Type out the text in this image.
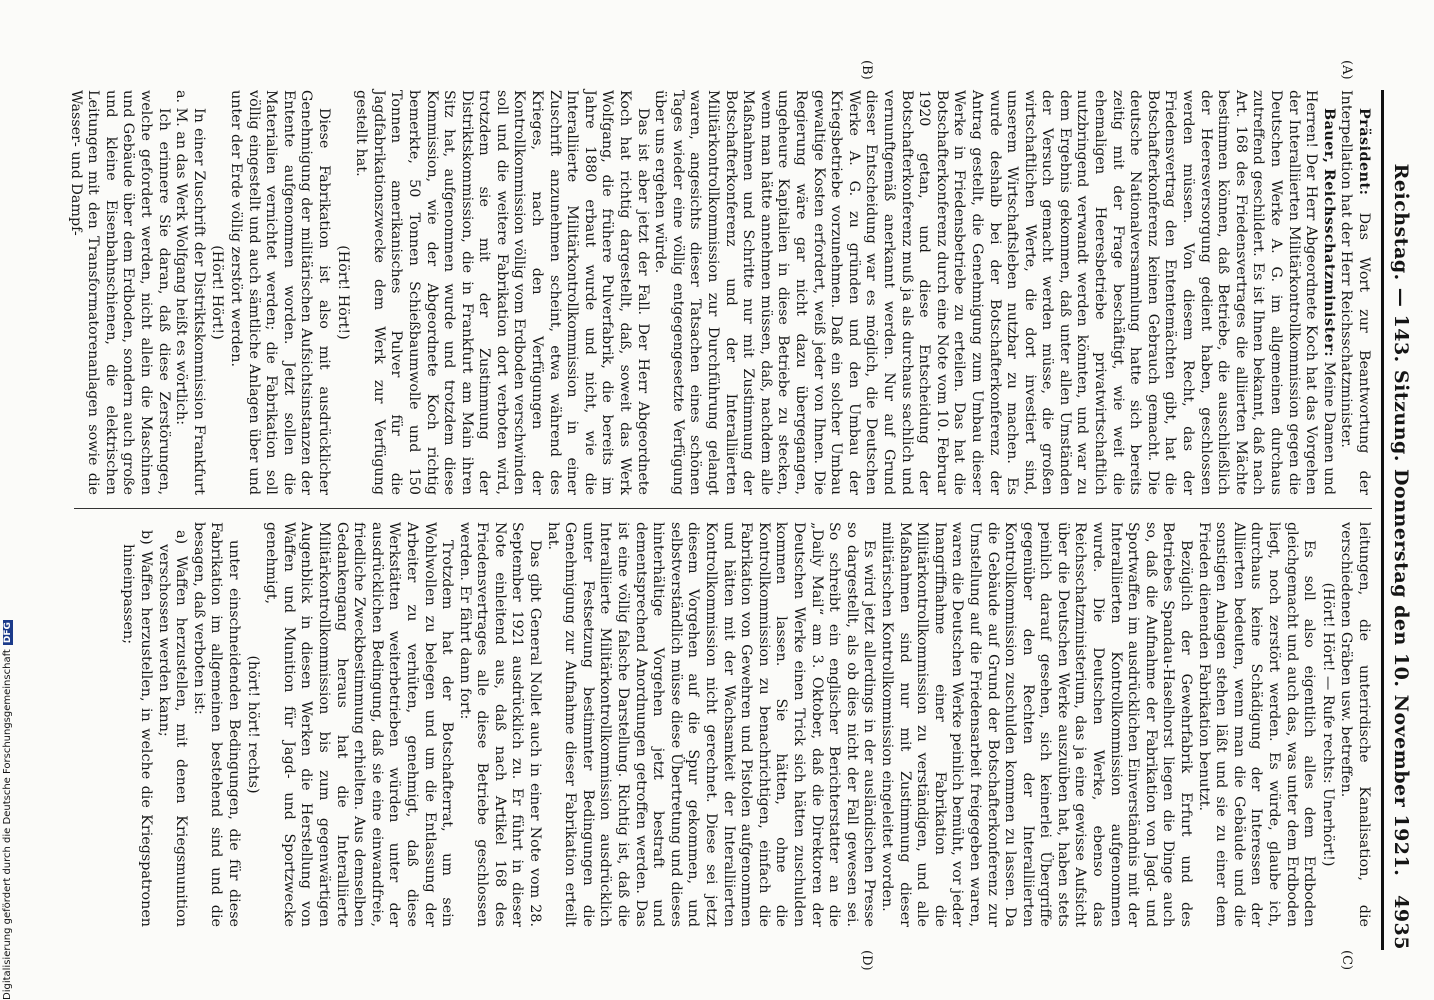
Reichstag. — 143. Sitzung. Donnerstag den 10. November 1921.
4935
(A)
(B)
(C)
(D)

Präsident: Das Wort zur Beantwortung der Interpellation hat der Herr Reichsschatzminister.

Bauer, Reichsschatzminister: Meine Damen und Herren! Der Herr Abgeordnete Koch hat das Vorgehen der Interalliierten Militärkontrollkommission gegen die Deutschen Werke A. G. im allgemeinen durchaus zutreffend geschildert. Es ist Ihnen bekannt, daß nach Art. 168 des Friedensvertrages die alliierten Mächte bestimmen können, daß Betriebe, die ausschließlich der Heeresversorgung gedient haben, geschlossen werden müssen. Von diesem Recht, das der Friedensvertrag den Ententemächten gibt, hat die Botschafterkonferenz keinen Gebrauch gemacht. Die deutsche Nationalversammlung hatte sich bereits zeitig mit der Frage beschäftigt, wie weit die ehemaligen Heeresbetriebe privatwirtschaftlich nutzbringend verwandt werden könnten, und war zu dem Ergebnis gekommen, daß unter allen Umständen der Versuch gemacht werden müsse, die großen wirtschaftlichen Werte, die dort investiert sind, unserem Wirtschaftsleben nutzbar zu machen. Es wurde deshalb bei der Botschafterkonferenz der Antrag gestellt, die Genehmigung zum Umbau dieser Werke in Friedensbetriebe zu erteilen. Das hat die Botschafterkonferenz durch eine Note vom 10. Februar 1920 getan, und diese Entscheidung der Botschafterkonferenz muß ja als durchaus sachlich und vernunftgemäß anerkannt werden. Nur auf Grund dieser Entscheidung war es möglich, die Deutschen Werke A. G. zu gründen und den Umbau der Kriegsbetriebe vorzunehmen. Daß ein solcher Umbau gewaltige Kosten erfordert, weiß jeder von Ihnen. Die Regierung wäre gar nicht dazu übergegangen, ungeheure Kapitalien in diese Betriebe zu stecken, wenn man hätte annehmen müssen, daß, nachdem alle Maßnahmen und Schritte nur mit Zustimmung der Botschafterkonferenz und der Interalliierten Militärkontrollkommission zur Durchführung gelangt waren, angesichts dieser Tatsachen eines schönen Tages wieder eine völlig entgegengesetzte Verfügung über uns ergehen würde.

Das ist aber jetzt der Fall. Der Herr Abgeordnete Koch hat richtig dargestellt, daß, soweit das Werk Wolfgang, die frühere Pulverfabrik, die bereits im Jahre 1880 erbaut wurde und nicht, wie die Interalliierte Militärkontrollkommission in einer Zuschrift anzunehmen scheint, etwa während des Krieges, nach den Verfügungen der Kontrollkommission völlig vom Erdboden verschwinden soll und die weitere Fabrikation dort verboten wird, trotzdem sie mit der Zustimmung der Distriktskommission, die in Frankfurt am Main ihren Sitz hat, aufgenommen wurde und trotzdem diese Kommission, wie der Abgeordnete Koch richtig bemerkte, 50 Tonnen Schießbaumwolle und 150 Tonnen amerikanisches Pulver für die Jagdfabrikationszwecke dem Werk zur Verfügung gestellt hat.

(Hört! Hört!)

Diese Fabrikation ist also mit ausdrücklicher Genehmigung der militärischen Aufsichtsinstanzen der Entente aufgenommen worden. Jetzt sollen die Materialien vernichtet werden; die Fabrikation soll völlig eingestellt und auch sämtliche Anlagen über und unter der Erde völlig zerstört werden.

(Hört! Hört!)

In einer Zuschrift der Distriktskommission Frankfurt a. M. an das Werk Wolfgang heißt es wörtlich:

Ich erinnere Sie daran, daß diese Zerstörungen, welche gefordert werden, nicht allein die Maschinen und Gebäude über dem Erdboden, sondern auch große und kleine Eisenbahnschienen, die elektrischen Leitungen mit den Transformatorenanlagen sowie die Wasser- und Dampf-

leitungen, die unterirdische Kanalisation, die verschiedenen Gräben usw. betreffen.

(Hört! Hört! — Rufe rechts: Unerhört!)

Es soll also eigentlich alles dem Erdboden gleichgemacht und auch das, was unter dem Erdboden liegt, noch zerstört werden. Es würde, glaube ich, durchaus keine Schädigung der Interessen der Alliierten bedeuten, wenn man die Gebäude und die sonstigen Anlagen stehen läßt und sie zu einer dem Frieden dienenden Fabrikation benutzt.

Bezüglich der Gewehrfabrik Erfurt und des Betriebes Spandau-Haselhorst liegen die Dinge auch so, daß die Aufnahme der Fabrikation von Jagd- und Sportwaffen im ausdrücklichen Einverständnis mit der Interalliierten Kontrollkommission aufgenommen wurde. Die Deutschen Werke, ebenso das Reichsschatzministerium, das ja eine gewisse Aufsicht über die Deutschen Werke auszuüben hat, haben stets peinlich darauf gesehen, sich keinerlei Übergriffe gegenüber den Rechten der Interalliierten Kontrollkommission zuschulden kommen zu lassen. Da die Gebäude auf Grund der Botschafterkonferenz zur Umstellung auf die Friedensarbeit freigegeben waren, waren die Deutschen Werke peinlich bemüht, vor jeder Inangriffnahme einer Fabrikation die Militärkontrollkommission zu verständigen, und alle Maßnahmen sind nur mit Zustimmung dieser militärischen Kontrollkommission eingeleitet worden.

Es wird jetzt allerdings in der ausländischen Presse so dargestellt, als ob dies nicht der Fall gewesen sei. So schreibt ein englischer Berichterstatter an die „Daily Mail“ am 3. Oktober, daß die Direktoren der Deutschen Werke einen Trick sich hätten zuschulden kommen lassen. Sie hätten, ohne die Kontrollkommission zu benachrichtigen, einfach die Fabrikation von Gewehren und Pistolen aufgenommen und hätten mit der Wachsamkeit der Interalliierten Kontrollkommission nicht gerechnet. Diese sei jetzt diesem Vorgehen auf die Spur gekommen, und selbstverständlich müsse diese Übertretung und dieses hinterhältige Vorgehen jetzt bestraft und dementsprechend Anordnungen getroffen werden. Das ist eine völlig falsche Darstellung. Richtig ist, daß die Interalliierte Militärkontrollkommission ausdrücklich unter Festsetzung bestimmter Bedingungen die Genehmigung zur Aufnahme dieser Fabrikation erteilt hat.

Das gibt General Nollet auch in einer Note vom 28. September 1921 ausdrücklich zu. Er führt in dieser Note einleitend aus, daß nach Artikel 168 des Friedensvertrages alle diese Betriebe geschlossen werden. Er fährt dann fort:

Trotzdem hat der Botschafterrat, um sein Wohlwollen zu belegen und um die Entlassung der Arbeiter zu verhüten, genehmigt, daß diese Werkstätten weiterbetrieben würden unter der ausdrücklichen Bedingung, daß sie eine einwandfreie, friedliche Zweckbestimmung erhielten. Aus demselben Gedankengang heraus hat die Interalliierte Militärkontrollkommission bis zum gegenwärtigen Augenblick in diesen Werken die Herstellung von Waffen und Munition für Jagd- und Sportzwecke genehmigt,

(hört! hört! rechts)

unter einschneidenden Bedingungen, die für diese Fabrikation im allgemeinen bestehend sind und die besagen, daß verboten ist:

a) Waffen herzustellen, mit denen Kriegsmunition verschossen werden kann;

b) Waffen herzustellen, in welche die Kriegspatronen hineinpassen;

Digitalisierung gefördert durch die Deutsche Forschungsgemeinschaft
DFG
